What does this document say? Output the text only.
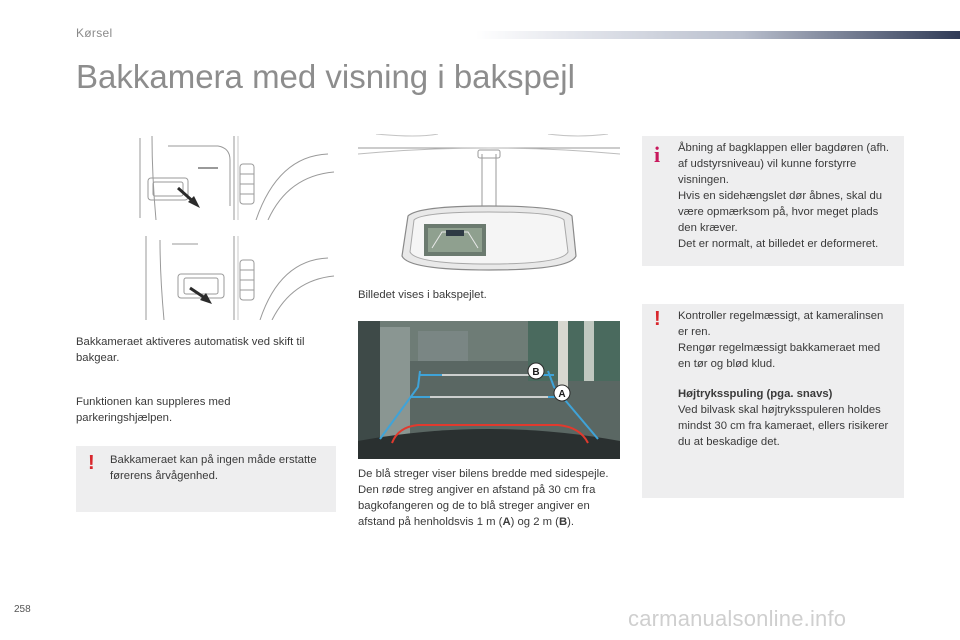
Kørsel
Bakkamera med visning i bakspejl

Bakkameraet aktiveres automatisk ved skift til bakgear.

Funktionen kan suppleres med parkeringshjælpen.

! Bakkameraet kan på ingen måde erstatte førerens årvågenhed.

Billedet vises i bakspejlet.

B
A

De blå streger viser bilens bredde med sidespejle.

Den røde streg angiver en afstand på 30 cm fra bagkofangeren og de to blå streger angiver en afstand på henholdsvis 1 m (A) og 2 m (B).

i Åbning af bagklappen eller bagdøren (afh. af udstyrsniveau) vil kunne forstyrre visningen.

Hvis en sidehængslet dør åbnes, skal du være opmærksom på, hvor meget plads den kræver.

Det er normalt, at billedet er deformeret.

! Kontroller regelmæssigt, at kameralinsen er ren.

Rengør regelmæssigt bakkameraet med en tør og blød klud.

Højtryksspuling (pga. snavs)

Ved bilvask skal højtryksspuleren holdes mindst 30 cm fra kameraet, ellers risikerer du at beskadige det.

258	carmanualsonline.info
